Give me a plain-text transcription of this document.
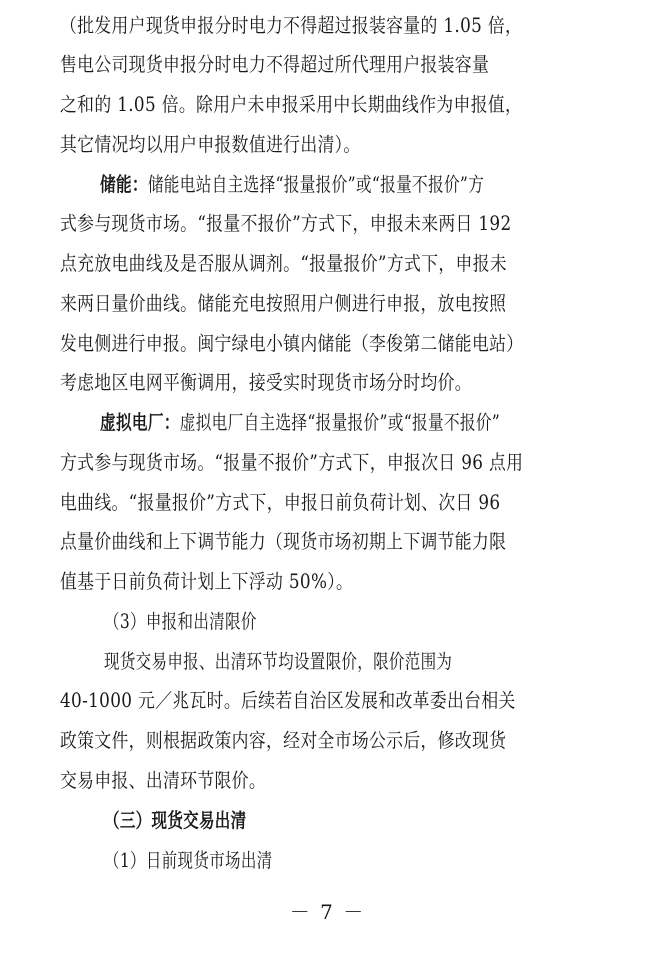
（批发用户现货申报分时电力不得超过报装容量的 1.05 倍，
售电公司现货申报分时电力不得超过所代理用户报装容量
之和的 1.05 倍。除用户未申报采用中长期曲线作为申报值，
其它情况均以用户申报数值进行出清）。
储能：储能电站自主选择“报量报价”或“报量不报价”方
式参与现货市场。“报量不报价”方式下，申报未来两日 192
点充放电曲线及是否服从调剂。“报量报价”方式下，申报未
来两日量价曲线。储能充电按照用户侧进行申报，放电按照
发电侧进行申报。闽宁绿电小镇内储能（李俊第二储能电站）
考虑地区电网平衡调用，接受实时现货市场分时均价。
虚拟电厂：虚拟电厂自主选择“报量报价”或“报量不报价”
方式参与现货市场。“报量不报价”方式下，申报次日 96 点用
电曲线。“报量报价”方式下，申报日前负荷计划、次日 96
点量价曲线和上下调节能力（现货市场初期上下调节能力限
值基于日前负荷计划上下浮动 50%）。
（3）申报和出清限价
现货交易申报、出清环节均设置限价，限价范围为
40-1000 元／兆瓦时。后续若自治区发展和改革委出台相关
政策文件，则根据政策内容，经对全市场公示后，修改现货
交易申报、出清环节限价。
（三）现货交易出清
（1）日前现货市场出清
－ 7 －
